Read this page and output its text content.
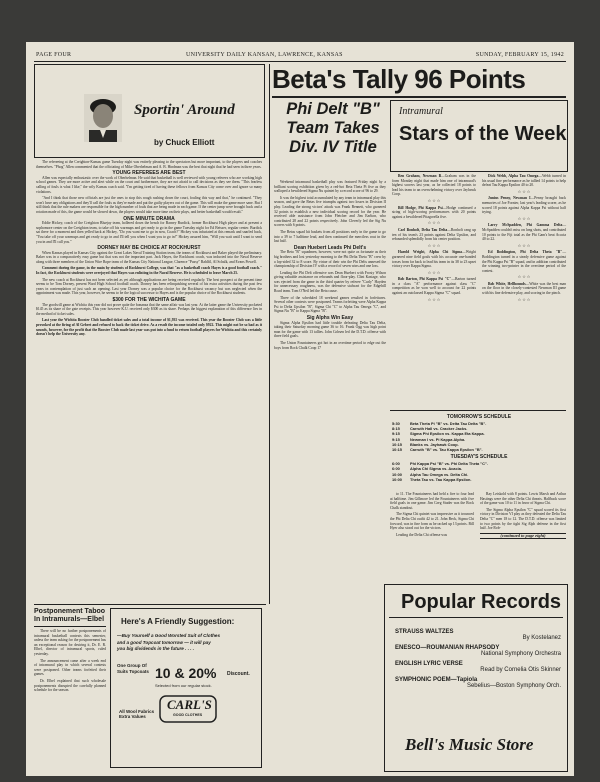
PAGE FOUR	UNIVERSITY DAILY KANSAN, LAWRENCE, KANSAS	SUNDAY, FEBRUARY 15, 1942
Sportin' Around
by Chuck Elliott

The refereeing at the Creighton-Kansas game Tuesday night was entirely pleasing to the spectators but more important, to the players and coaches themselves. "Phog" Allen commented that the officiating of Mike Oberhelman and A. B. Hindman was the best that night that he had seen in three years.

YOUNG REFEREES ARE BEST

Allen was especially enthusiastic over the work of Oberhelman. He said that basketball is well reviewed with young referees who are working high school games. They are more active and alert while on the court and furthermore, they are not afraid to call decisions as they see them. "This fearless calling of fouls is what I like," the wily Kansas coach said. "I'm getting tired of having these fellows from Kansas City come over and ignore so many violations.

"And I think that those new officials are just the ones to stop this rough rushing down the court, fouling this way and that," he continued. "They won't have any obligations and they'll call the fouls as they're made and put the guilty players out of the game. This will make the game more sane. But I still think that the rule makers are responsible for the high number of fouls that are being made in each game. If the center jump were brought back and a rotation made of this, the game would be slowed down, the players would take more time on their plays, and better basketball would result."

ONE MINUTE DRAMA

Eddie Hickey, coach of the Creighton Bluejay team, hollered down the bench for Barney Burdick, former Rockhurst High player and at present a sophomore center on the Creighton team, to take off his warmups and get ready to go in the game Tuesday night for Ed Beisser, regular center. Burdick sat there for a moment and then yelled back at Hickey, "Do you want me to go in now, Coach?" Hickey was infuriated at this remark and snarled back, "You take off your warmups and get ready to go in and I'll tell you when I want you to go in!" Hickey assured him, "Will you wait until I want to send you in and I'll call you."

DORNEY MAY BE CHOICE AT ROCKHURST

When Kansas played in Kansas City against the Great Lakes Naval Training Station team, the teams of Rockhurst and Baker played the preliminary. Baker was in a comparatively easy game but that was not the important part. Jack Hayes, the Rockhurst coach, was inducted into the Naval Reserve along with three members of the Union Wire Rope team of the Kansas City National League, Clarence "Pussy" Rahlfil, Al Schalk, and Evans Powell.

Comment during the game, in the main by students of Rockhurst College, was that "as a basketball coach Hayes is a good football coach." In fact, the Rockhurst students were overjoyed that Hayes was enlisting in the Naval Reserve. He is scheduled to leave March 25.

The new coach at Rockhurst has not been selected as yet although applications are being received regularly. The best prospect at the present time seems to be Tom Dorney, present Ward High School football coach. Dorney has been relinquishing several of his extra activities during the past few years in contemplation of just such an opening. Last year Dorney was a popular choice for the Rockhurst vacancy but was neglected when the appointment was made. This year, however, he seems to be the logical successor to Hayes and is the popular choice of the Rockhurst students.

$300 FOR THE WICHITA GAME

The goodwill game at Wichita this year did not prove quite the bonanza that the same affair was last year. At the latter game the University pocketed $145 as its share of the gate receipts. This year however K.U. received only $300 as its share. Perhaps the biggest explanation of this difference lies in the method of ticket sales.

Last year the Wichita Booster Club handled ticket sales and a total income of $1,935 was received. This year the Booster Club was a little provoked at the firing of Al Gebert and refused to back the ticket drive. As a result the income totaled only $922. This might not be so bad as it sounds, however, for the profit that the Booster Club made last year was put into a fund to return football players for Wichita and this certainly doesn't help the University any.

Postponement Taboo In Intramurals—Elbel

There will be no further postponements of intramural basketball contests this semester, unless the team asking for the postponement has an exceptional reason for desiring it, Dr. E. R. Elbel, director of intramural sports, ruled yesterday.

The announcement came after a week end of intramural play in which several contests were postponed. Other teams forfeited their games.

Dr. Elbel explained that such wholesale postponements disrupted the carefully planned schedule for the season.

Here's A Friendly Suggestion:
—Buy Yourself a Good Worsted Suit of Clothes
and a good Topcoat tomorrow — it will pay
you big dividends in the future . . . .
One Group Of Suits Topcoats 10 & 20% Discount.
Selected from our regular stock.
All Wool Fabrics Extra Values
CARL'S
GOOD CLOTHES
Beta's Tally 96 Points
Phi Delt "B" Team Takes Div. IV Title

Weekend intramural basketball play was featured Friday night by a brilliant scoring exhibition given by a red-hot Beta Theta Pi five as they walloped a bewildered Sigma Nu quintet by a record score of 96 to 29.

It was the highest total accumulated by any team in intramural play this season, and gave the Betas five triumphs against two losses in Division II play. Leading the strong victors' attack was Frank Bennett, who garnered 32 points to establish a new individual scoring record for the year. He received able assistance from John Fletcher and Jim Earlton, who contributed 28 and 22 points respectively. John Cleverly led the Sig Nu scorers with 6 points.

The Betas squad hit baskets from all positions early in the game to go into a 39 to 7 halftime lead, and then continued the merciless rout in the last half.

Dean Huebert Leads Phi Delt's

The Beta "B" squadmen, however, were not quite as fortunate as their big brothers and lost yesterday morning to the Phi Delta Theta "B" crew by a lop-sided 32 to 8 score. By virtue of their win the Phi Delts annexed the championship of Division IV with a record of seven wins and one loss.

Leading the Phi Delt offensive was Dean Huebert with Frosty Wilson giving valuable assistance on rebounds and floor-play. Clint Kastage, who was ejected from the game in the third quarter by referee "Curly" Hayden for unnecessary roughness, was the defensive stalwart for the Edgehill Road team. Tom O'Neil led the Beta cause.

Three of the scheduled 18 weekend games resulted in forfeitures. Several other contests were postponed. Teams forfeiting were Alpha Kappa Psi to Delta Upsilon "B", Sigma Chi "C" to Alpha Tau Omega "C", and Sigma Nu "B" to Kappa Sigma "B".

Sig Alphs Win Easy

Sigma Alpha Epsilon had little trouble defeating Delta Tau Delta, taking their Saturday morning game 36 to 16. Frank Ogg was high point man for the game with 13 tallies. John Cohsen led the D.T.D. offense with three field goals.

The Union Fountaineers got hot in an overtime period to edge out the boys from Rock Chalk Coop 17

Intramural
Stars of the Week

Ben Graham, Newman B—Graham was in the form Monday night that made him one of intramural's highest scorers last year, as he collected 18 points to lead his team to an overwhelming victory over Jayhawk Coop.

☆ ☆ ☆

Bill Hodge, Phi Kappa Psi—Hodge continued a string of high-scoring performances with 20 points against a bewildered Pitagorella five.

☆ ☆ ☆

Carl Bonholt, Delta Tau Delta—Bonholt rang up ten of his team's 23 points against Delta Upsilon, and rebounded splendidly from his center position.

☆ ☆ ☆

Harold Wright, Alpha Chi Sigma—Wright garnered nine field goals with his accurate one-handed tosses from far back to lead his team in its 38 to 23 upset victory over Kappa Sigma.

☆ ☆ ☆

Bob Barton, Phi Kappa Psi "C"—Barton turned in a class "A" performance against class "C" competition as he won well to account for 22 points against an outclassed Kappa Sigma "C" squad.

☆ ☆ ☆

Dick Webb, Alpha Tau Omega—Webb turned in his usual fine performance as he tallied 14 points to help defeat Tau Kappa Epsilon 40 to 20.

☆ ☆ ☆

Junius Penny, Newman I—Penny brought back memories of Joe Fornier, last year's leading scorer, as he scored 18 points against Alpha Kappa Psi without half trying.

☆ ☆ ☆

Larry McSpadden, Phi Gamma Delta—McSpadden couldn't miss on long shots, and contributed 10 points to the Fiji total as the Phi Gam's beat Acacia 40 to 22.

☆ ☆ ☆

Ed Boddington, Phi Delta Theta "B"—Boddington turned in a steady defensive game against the Phi Kappa Psi "B" squad, and in addition contributed the winning two-pointer in the overtime period of the contest.

☆ ☆ ☆

Bob White, Hellhounds—White was the best man on the floor in the closely-contested Newman III game with his fine defensive play, and scoring in the pinch.

☆ ☆ ☆
TOMORROW'S SCHEDULE
5:30	Beta Theta Pi "B" vs. Delta Tau Delta "B".
8:15	Carruth Hall vs. Cracker Jacks.
9:15	Sigma Phi Epsilon vs. Kappa Eta Kappa.
9:15	Newman I vs. Pi Kappa Alpha.
10:15	Blanks vs. Jayhawk Coop.
10:15	Carruth "B" vs. Tau Kappa Epsilon "B".
TUESDAY'S SCHEDULE
6:00	Phi Kappa Psi "B" vs. Phi Delta Theta "C".
6:00	Alpha Chi Sigma vs. Acacia.
10:00	Alpha Tau Omega vs. Delta Chi.
10:00	Theta Tau vs. Tau Kappa Epsilon.

to 11. The Fountaineers had held a five to four lead at halftime. Jim Gillmore led the Fountaineers with five field goals in one game. Jim Greg Studer was the Rock Chalk standout.

The Sigma Chi quintet was impressive as it trounced the Phi Delta Chi outfit 42 to 21. John Beck, Sigma Chi forward, was in fine form as he racked up 13 points. Bill Hyer also stood out for the victors.

Leading the Delta Chi offense was

Ray Leiskold with 8 points. Lewis Marsh and Arthur Hastings were the other Delta Chi threats. Halfback score of the game was 10 to 11 in favor of Sigma Chi.

The Sigma Alpha Epsilon "C" squad scored its first victory in Division VI play as they defeated the Delta Tau Delta "C" men 18 to 12. The D.T.D. offense was limited to two points by the tight Sig Alph defense in the first half. Joe Rob-

(continued to page eight)
Popular Records
STRAUSS WALTZES
By Kostelanez
ENESCO—ROUMANIAN RHAPSODY
National Symphony Orchestra
ENGLISH LYRIC VERSE
Read by Cornelia Otis Skinner
SYMPHONIC POEM—Tapiola
Sebelius—Boston Symphony Orch.
Bell's Music Store
